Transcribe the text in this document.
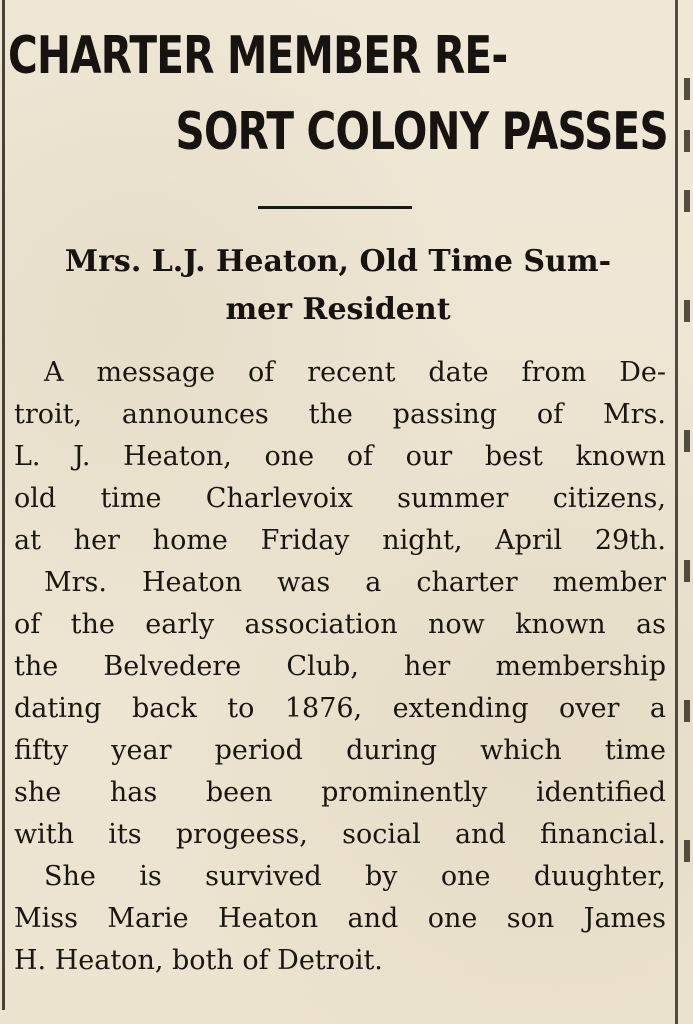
CHARTER MEMBER RE-
SORT COLONY PASSES
Mrs. L.J. Heaton, Old Time Sum-
mer Resident
A message of recent date from De-
troit, announces the passing of Mrs.
L. J. Heaton, one of our best known
old time Charlevoix summer citizens,
at her home Friday night, April 29th.
Mrs. Heaton was a charter member
of the early association now known as
the Belvedere Club, her membership
dating back to 1876, extending over a
fifty year period during which time
she has been prominently identified
with its progeess, social and financial.
She is survived by one duughter,
Miss Marie Heaton and one son James
H. Heaton, both of Detroit.
